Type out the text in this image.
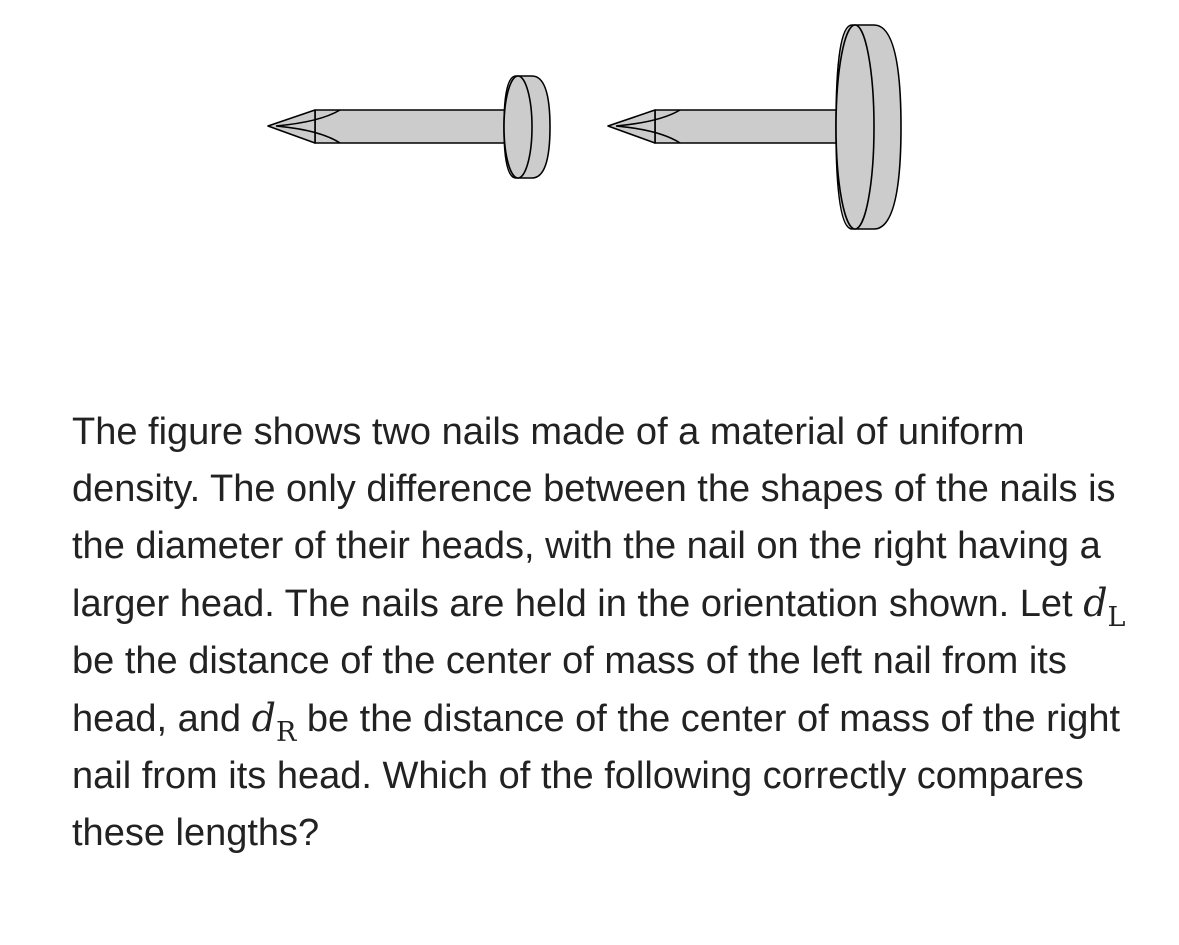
The figure shows two nails made of a material of uniform density. The only difference between the shapes of the nails is the diameter of their heads, with the nail on the right having a larger head. The nails are held in the orientation shown. Let $d_L$ be the distance of the center of mass of the left nail from its head, and $d_R$ be the distance of the center of mass of the right nail from its head. Which of the following correctly compares these lengths?
